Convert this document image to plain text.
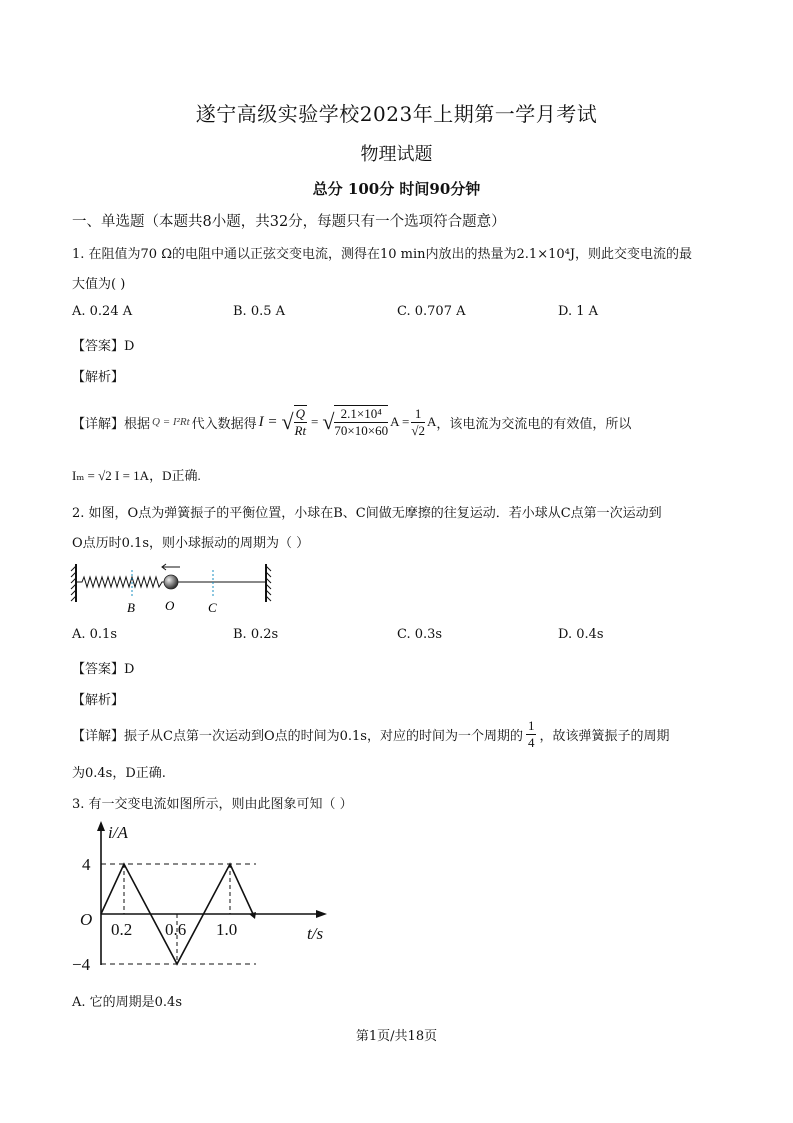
遂宁高级实验学校2023年上期第一学月考试
物理试题
总分 100分 时间90分钟
一、单选题（本题共8小题，共32分，每题只有一个选项符合题意）
1. 在阻值为70 Ω的电阻中通以正弦交变电流，测得在10 min内放出的热量为2.1×10⁴J，则此交变电流的最
大值为( )
A. 0.24 A	B. 0.5 A	C. 0.707 A	D. 1 A
【答案】D
【解析】
【详解】根据 Q = I²Rt 代入数据得 I = √ $\frac{Q}{Rt}$ = √ $\frac{\text{2.1×10⁴}}{70\times 10\times 60}$ $A = \frac{1}{√2}$ A ，该电流为交流电的有效值，所以
Iₘ = √2 I = 1A，D正确.
2. 如图，O点为弹簧振子的平衡位置，小球在B、C间做无摩擦的往复运动．若小球从C点第一次运动到
O点历时0.1s，则小球振动的周期为（ ）
B O	C
A. 0.1s	B. 0.2s	C. 0.3s	D. 0.4s
【答案】D
【解析】
【详解】振子从C点第一次运动到O点的时间为0.1s，对应的时间为一个周期的 $\frac{1}{4}$ ，故该弹簧振子的周期
为0.4s，D正确.
3. 有一交变电流如图所示，则由此图象可知（ ）
i/A
4
−4
O
0.2 0.6 1.0	t/s
A. 它的周期是0.4s
第1页/共18页
